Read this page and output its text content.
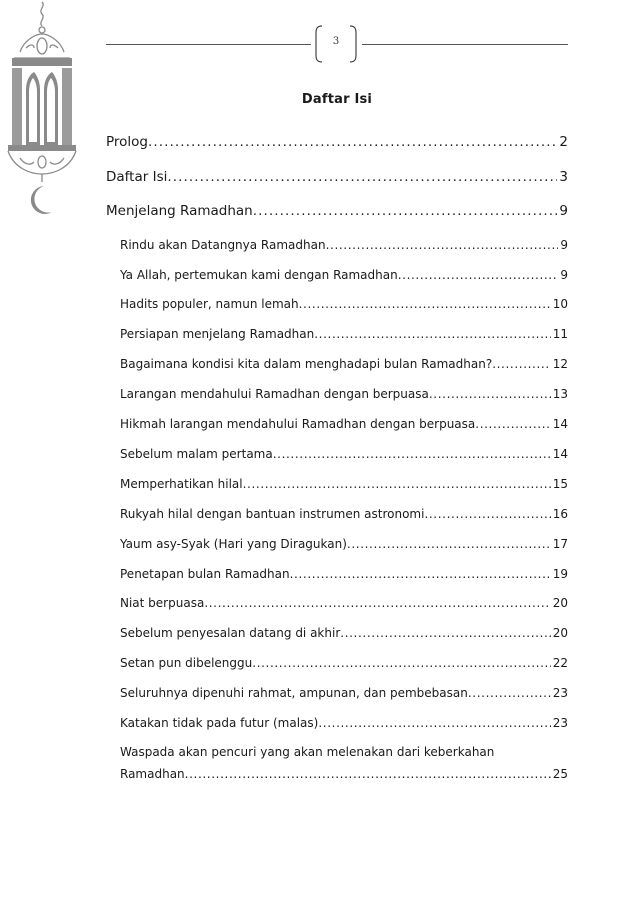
3
Daftar Isi
Prolog . . .	2
Daftar Isi . . .	3
Menjelang Ramadhan . . .	9
Rindu akan Datangnya Ramadhan . . .	9
Ya Allah, pertemukan kami dengan Ramadhan . . .	9
Hadits populer, namun lemah . . .	10
Persiapan menjelang Ramadhan . . .	11
Bagaimana kondisi kita dalam menghadapi bulan Ramadhan? . . .	12
Larangan mendahului Ramadhan dengan berpuasa . . .	13
Hikmah larangan mendahului Ramadhan dengan berpuasa . . .	14
Sebelum malam pertama . . .	14
Memperhatikan hilal . . .	15
Rukyah hilal dengan bantuan instrumen astronomi . . .	16
Yaum asy-Syak (Hari yang Diragukan) . . .	17
Penetapan bulan Ramadhan . . .	19
Niat berpuasa . . .	20
Sebelum penyesalan datang di akhir . . .	20
Setan pun dibelenggu . . .	22
Seluruhnya dipenuhi rahmat, ampunan, dan pembebasan . . .	23
Katakan tidak pada futur (malas) . . .	23
Waspada akan pencuri yang akan melenakan dari keberkahan
Ramadhan . . .	25
